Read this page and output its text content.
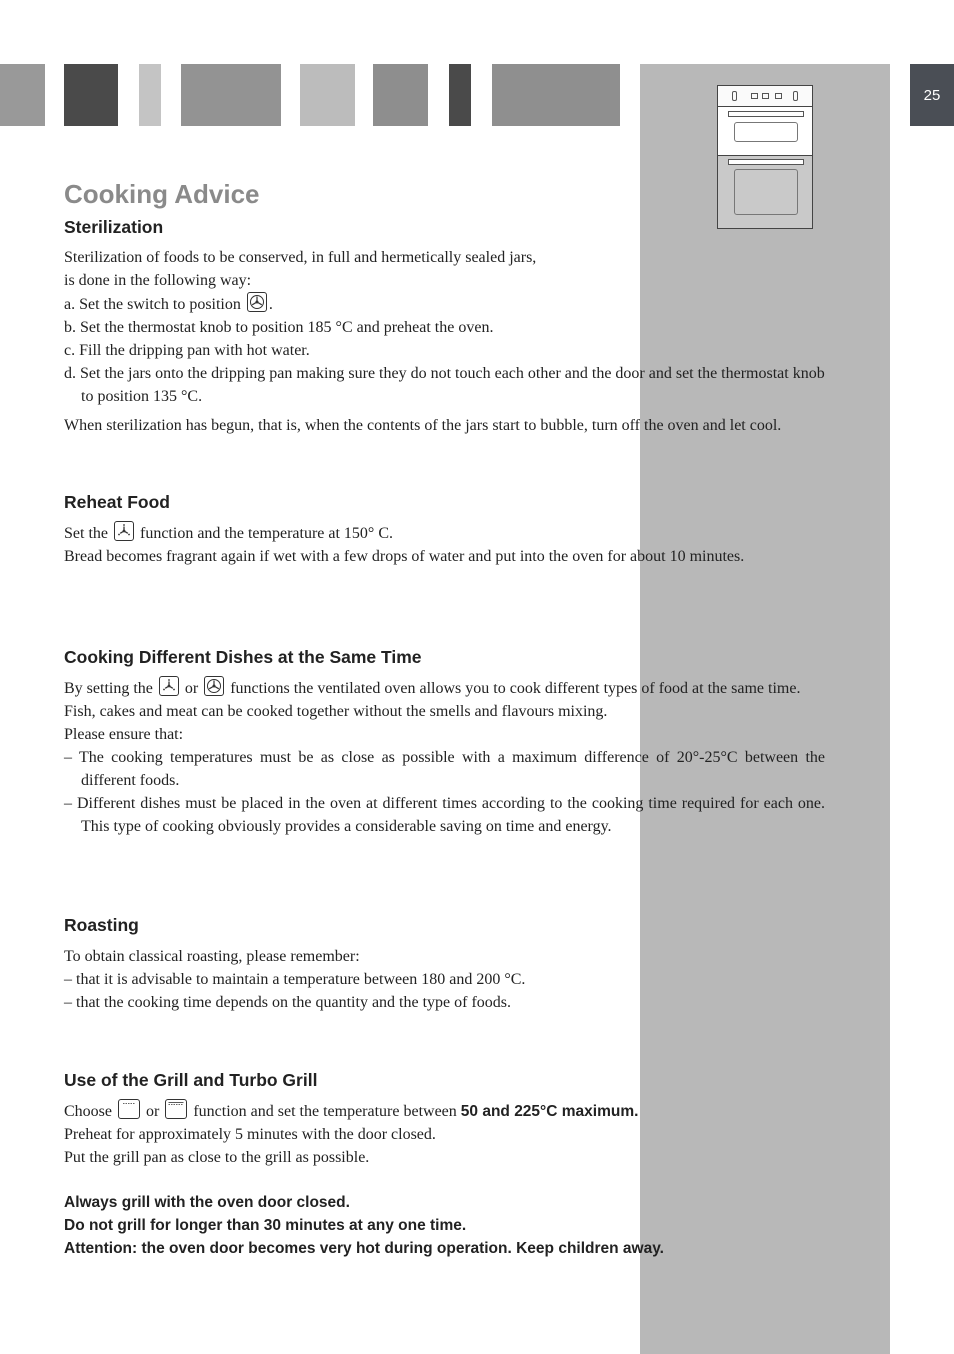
25
Cooking Advice
Sterilization

Sterilization of foods to be conserved, in full and hermetically sealed jars,

is done in the following way:

a. Set the switch to position .

b. Set the thermostat knob to position 185 °C and preheat the oven.

c. Fill the dripping pan with hot water.

d. Set the jars onto the dripping pan making sure they do not touch each other and the door and set the thermostat knob to position 135 °C.

When sterilization has begun, that is, when the contents of the jars start to bubble, turn off the oven and let cool.

Reheat Food

Set the function and the temperature at 150° C.

Bread becomes fragrant again if wet with a few drops of water and put into the oven for about 10 minutes.

Cooking Different Dishes at the Same Time

By setting the or functions the ventilated oven allows you to cook different types of food at the same time.

Fish, cakes and meat can be cooked together without the smells and flavours mixing.

Please ensure that:

– The cooking temperatures must be as close as possible with a maximum difference of 20°-25°C between the different foods.

– Different dishes must be placed in the oven at different times according to the cooking time required for each one. This type of cooking obviously provides a considerable saving on time and energy.

Roasting

To obtain classical roasting, please remember:

– that it is advisable to maintain a temperature between 180 and 200 °C.

– that the cooking time depends on the quantity and the type of foods.

Use of the Grill and Turbo Grill

Choose or function and set the temperature between 50 and 225°C maximum.

Preheat for approximately 5 minutes with the door closed.

Put the grill pan as close to the grill as possible.

Always grill with the oven door closed.

Do not grill for longer than 30 minutes at any one time.

Attention: the oven door becomes very hot during operation. Keep children away.
